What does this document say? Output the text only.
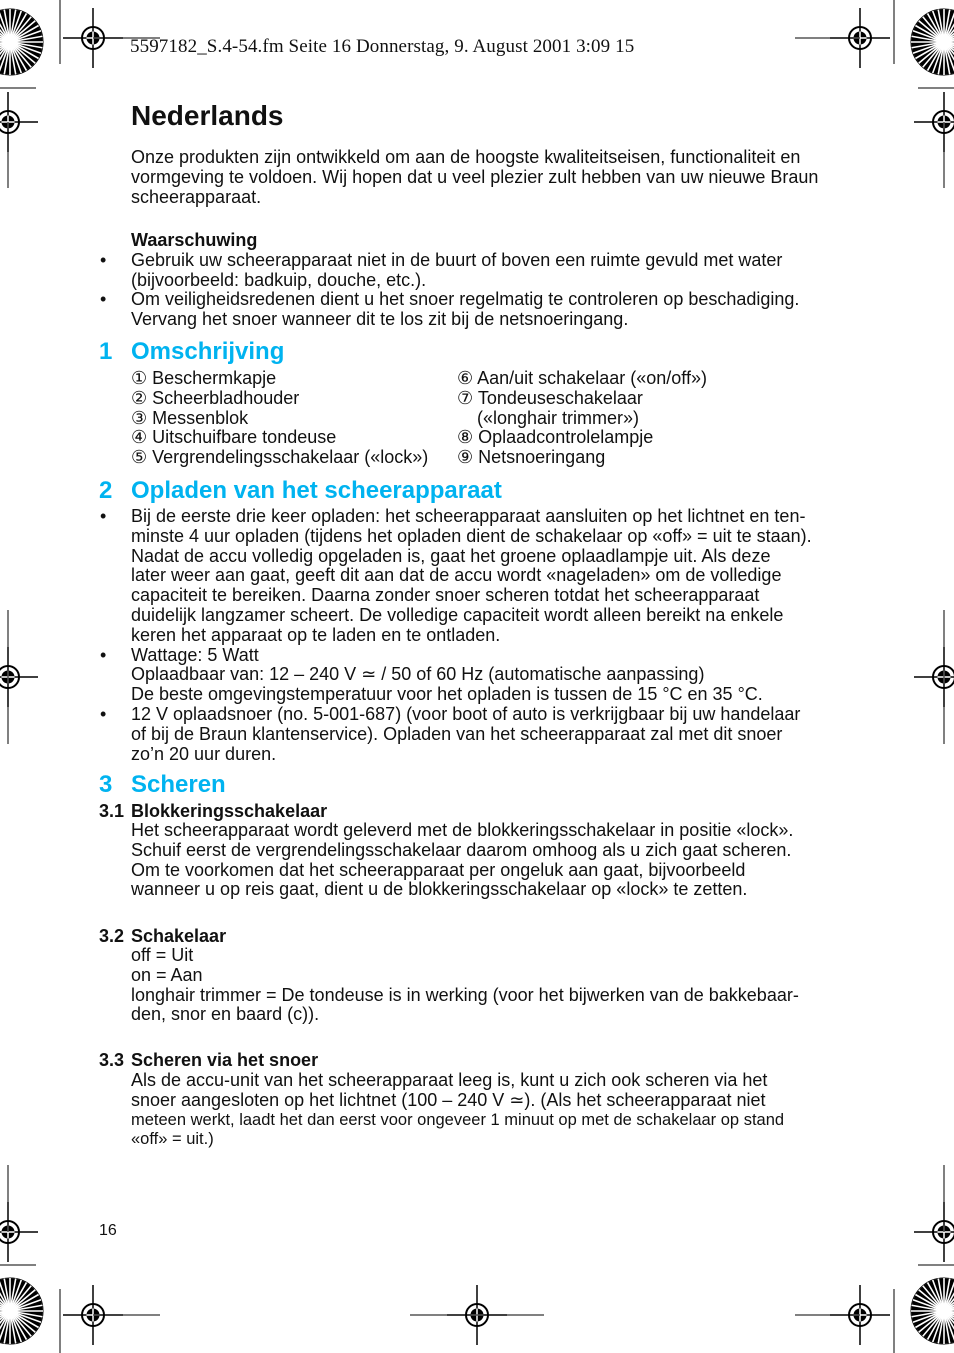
5597182_S.4-54.fm Seite 16 Donnerstag, 9. August 2001 3:09 15
Nederlands
Onze produkten zijn ontwikkeld om aan de hoogste kwaliteitseisen, functionaliteit en vormgeving te voldoen. Wij hopen dat u veel plezier zult hebben van uw nieuwe Braun scheerapparaat.
Waarschuwing
• Gebruik uw scheerapparaat niet in de buurt of boven een ruimte gevuld met water (bijvoorbeeld: badkuip, douche, etc.).
• Om veiligheidsredenen dient u het snoer regelmatig te controleren op beschadiging. Vervang het snoer wanneer dit te los zit bij de netsnoeringang.
1 Omschrijving
① Beschermkapje
② Scheerbladhouder
③ Messenblok
④ Uitschuifbare tondeuse
⑤ Vergrendelingsschakelaar («lock»)
⑥ Aan/uit schakelaar («on/off»)
⑦ Tondeuseschakelaar
(«longhair trimmer»)
⑧ Oplaadcontrolelampje
⑨ Netsnoeringang
2 Opladen van het scheerapparaat
• Bij de eerste drie keer opladen: het scheerapparaat aansluiten op het lichtnet en ten-
minste 4 uur opladen (tijdens het opladen dient de schakelaar op «off» = uit te staan).
Nadat de accu volledig opgeladen is, gaat het groene oplaadlampje uit. Als deze
later weer aan gaat, geeft dit aan dat de accu wordt «nageladen» om de volledige
capaciteit te bereiken. Daarna zonder snoer scheren totdat het scheerapparaat
duidelijk langzamer scheert. De volledige capaciteit wordt alleen bereikt na enkele
keren het apparaat op te laden en te ontladen.
• Wattage: 5 Watt
Oplaadbaar van: 12 – 240 V ≃ / 50 of 60 Hz (automatische aanpassing)
De beste omgevingstemperatuur voor het opladen is tussen de 15 °C en 35 °C.
• 12 V oplaadsnoer (no. 5-001-687) (voor boot of auto is verkrijgbaar bij uw handelaar
of bij de Braun klantenservice). Opladen van het scheerapparaat zal met dit snoer
zo’n 20 uur duren.
3 Scheren
3.1 Blokkeringsschakelaar
Het scheerapparaat wordt geleverd met de blokkeringsschakelaar in positie «lock».
Schuif eerst de vergrendelingsschakelaar daarom omhoog als u zich gaat scheren.
Om te voorkomen dat het scheerapparaat per ongeluk aan gaat, bijvoorbeeld
wanneer u op reis gaat, dient u de blokkeringsschakelaar op «lock» te zetten.
3.2 Schakelaar
off = Uit
on = Aan
longhair trimmer = De tondeuse is in werking (voor het bijwerken van de bakkebaar-
den, snor en baard (c)).
3.3 Scheren via het snoer
Als de accu-unit van het scheerapparaat leeg is, kunt u zich ook scheren via het
snoer aangesloten op het lichtnet (100 – 240 V ≃). (Als het scheerapparaat niet
meteen werkt, laadt het dan eerst voor ongeveer 1 minuut op met de schakelaar op stand
«off» = uit.)
16
